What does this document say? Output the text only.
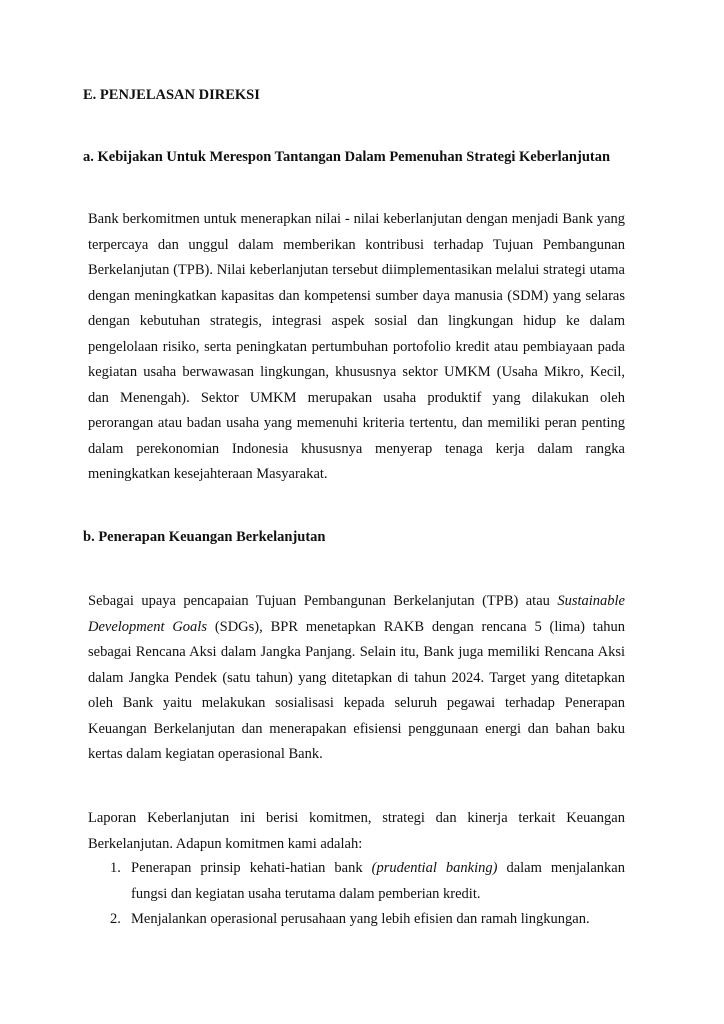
E. PENJELASAN DIREKSI
a. Kebijakan Untuk Merespon Tantangan Dalam Pemenuhan Strategi Keberlanjutan

Bank berkomitmen untuk menerapkan nilai - nilai keberlanjutan dengan menjadi Bank yang terpercaya dan unggul dalam memberikan kontribusi terhadap Tujuan Pembangunan Berkelanjutan (TPB). Nilai keberlanjutan tersebut diimplementasikan melalui strategi utama dengan meningkatkan kapasitas dan kompetensi sumber daya manusia (SDM) yang selaras dengan kebutuhan strategis, integrasi aspek sosial dan lingkungan hidup ke dalam pengelolaan risiko, serta peningkatan pertumbuhan portofolio kredit atau pembiayaan pada kegiatan usaha berwawasan lingkungan, khususnya sektor UMKM (Usaha Mikro, Kecil, dan Menengah). Sektor UMKM merupakan usaha produktif yang dilakukan oleh perorangan atau badan usaha yang memenuhi kriteria tertentu, dan memiliki peran penting dalam perekonomian Indonesia khususnya menyerap tenaga kerja dalam rangka meningkatkan kesejahteraan Masyarakat.

b. Penerapan Keuangan Berkelanjutan

Sebagai upaya pencapaian Tujuan Pembangunan Berkelanjutan (TPB) atau Sustainable Development Goals (SDGs), BPR menetapkan RAKB dengan rencana 5 (lima) tahun sebagai Rencana Aksi dalam Jangka Panjang. Selain itu, Bank juga memiliki Rencana Aksi dalam Jangka Pendek (satu tahun) yang ditetapkan di tahun 2024. Target yang ditetapkan oleh Bank yaitu melakukan sosialisasi kepada seluruh pegawai terhadap Penerapan Keuangan Berkelanjutan dan menerapakan efisiensi penggunaan energi dan bahan baku kertas dalam kegiatan operasional Bank.

Laporan Keberlanjutan ini berisi komitmen, strategi dan kinerja terkait Keuangan Berkelanjutan. Adapun komitmen kami adalah:

1. Penerapan prinsip kehati-hatian bank (prudential banking) dalam menjalankan fungsi dan kegiatan usaha terutama dalam pemberian kredit.
2. Menjalankan operasional perusahaan yang lebih efisien dan ramah lingkungan.
